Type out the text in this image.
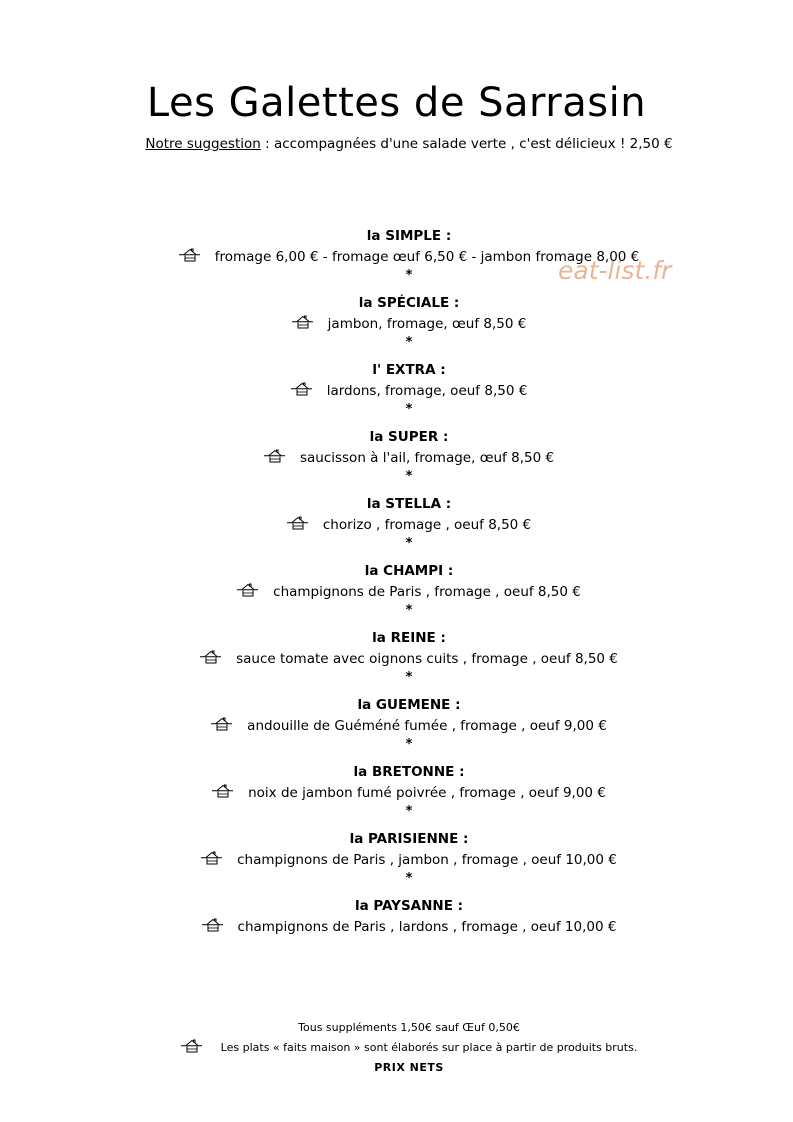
Les Galettes de Sarrasin
Notre suggestion : accompagnées d'une salade verte , c'est délicieux ! 2,50 €
eat-list.fr
la SIMPLE :
fromage 6,00 € - fromage œuf 6,50 € - jambon fromage 8,00 €
*
la SPÉCIALE :
jambon, fromage, œuf 8,50 €
*
l' EXTRA :
lardons, fromage, oeuf 8,50 €
*
la SUPER :
saucisson à l'ail, fromage, œuf 8,50 €
*
la STELLA :
chorizo , fromage , oeuf 8,50 €
*
la CHAMPI :
champignons de Paris , fromage , oeuf 8,50 €
*
la REINE :
sauce tomate avec oignons cuits , fromage , oeuf 8,50 €
*
la GUEMENE :
andouille de Guéméné fumée , fromage , oeuf 9,00 €
*
la BRETONNE :
noix de jambon fumé poivrée , fromage , oeuf 9,00 €
*
la PARISIENNE :
champignons de Paris , jambon , fromage , oeuf 10,00 €
*
la PAYSANNE :
champignons de Paris , lardons , fromage , oeuf 10,00 €
Tous suppléments 1,50€ sauf Œuf 0,50€
Les plats « faits maison » sont élaborés sur place à partir de produits bruts.
PRIX NETS
